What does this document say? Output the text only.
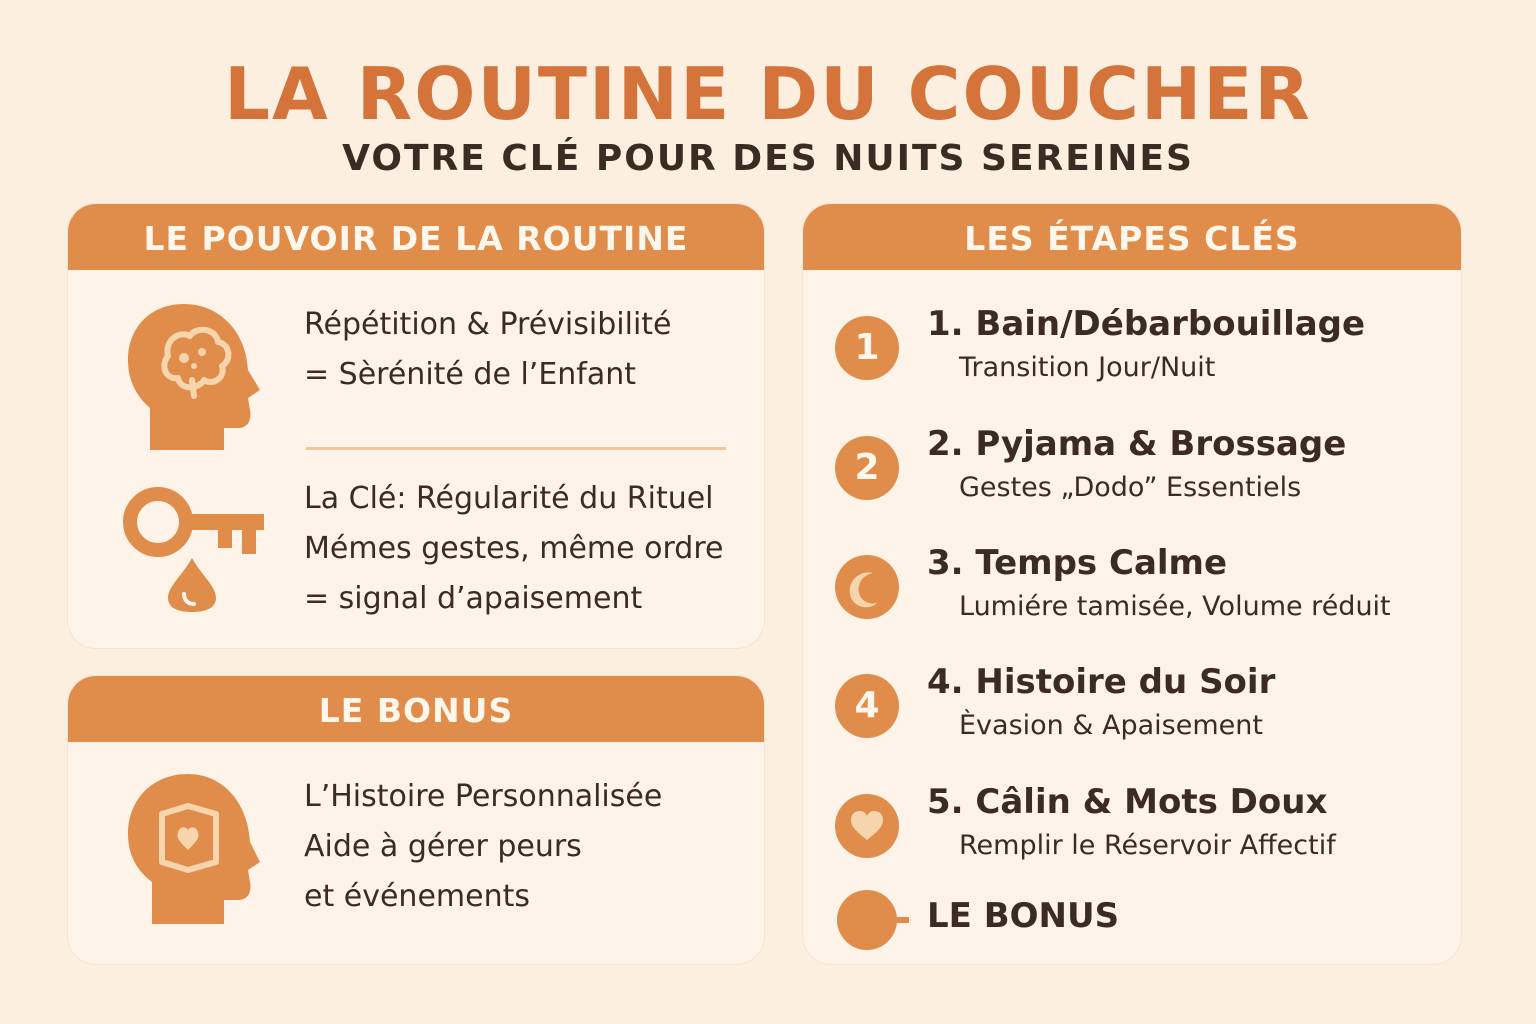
LA ROUTINE DU COUCHER
VOTRE CLÉ POUR DES NUITS SEREINES
LE POUVOIR DE LA ROUTINE
Répétition & Prévisibilité
= Sèrénité de l’Enfant
La Clé: Régularité du Rituel
Mémes gestes, même ordre
= signal d’apaisement
LE BONUS
L’Histoire Personnalisée
Aide à gérer peurs
et événements
LES ÉTAPES CLÉS
1
1. Bain/Débarbouillage
Transition Jour/Nuit
2
2. Pyjama & Brossage
Gestes „Dodo” Essentiels
3. Temps Calme
Lumiére tamisée, Volume réduit
4
4. Histoire du Soir
Èvasion & Apaisement
5. Câlin & Mots Doux
Remplir le Réservoir Affectif
LE BONUS
